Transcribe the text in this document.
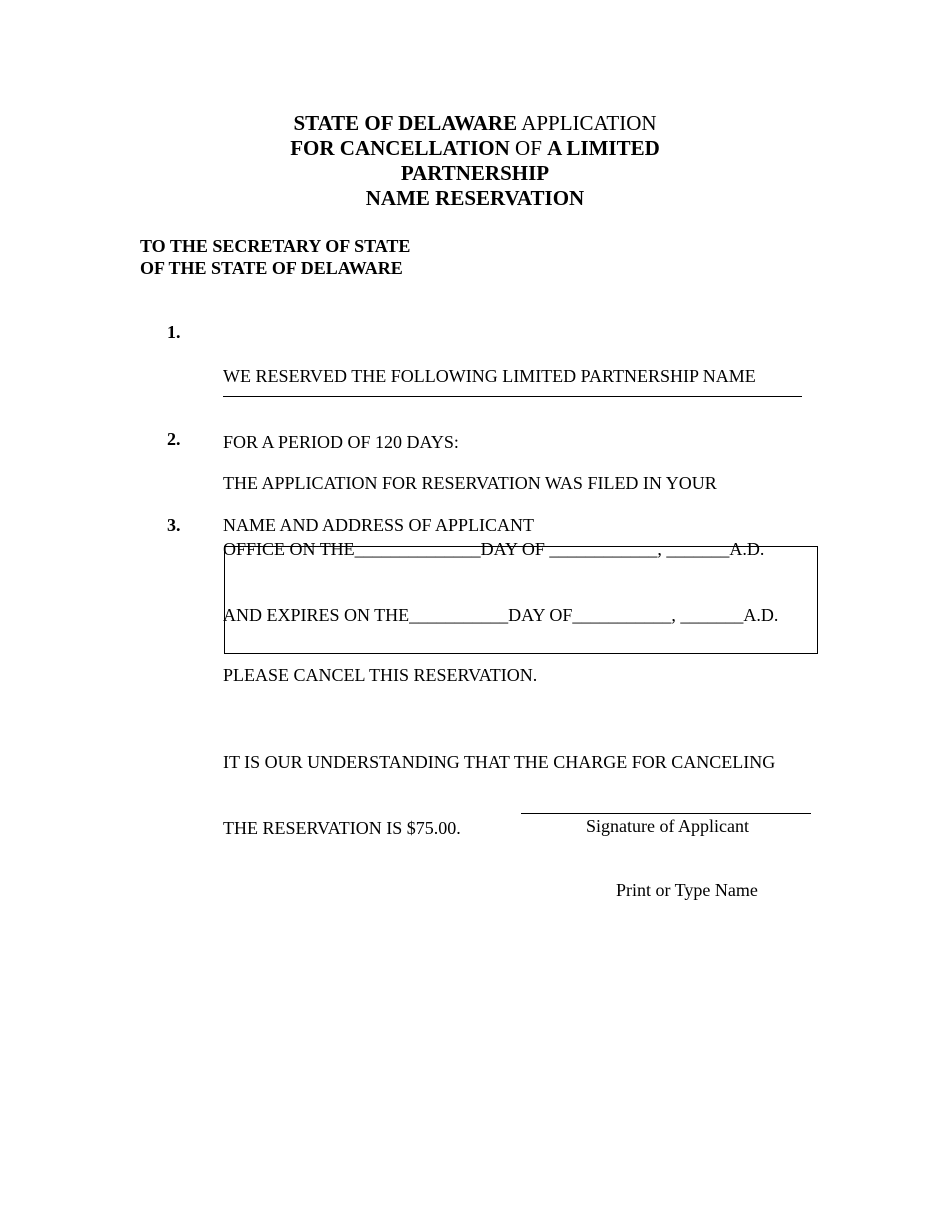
STATE OF DELAWARE APPLICATION
FOR CANCELLATION OF A LIMITED
PARTNERSHIP
NAME RESERVATION
TO THE SECRETARY OF STATE
OF THE STATE OF DELAWARE
1.

WE RESERVED THE FOLLOWING LIMITED PARTNERSHIP NAME

FOR A PERIOD OF 120 DAYS:

2.

THE APPLICATION FOR RESERVATION WAS FILED IN YOUR

OFFICE ON THE______________DAY OF ____________, _______A.D.

AND EXPIRES ON THE___________DAY OF___________, _______A.D.

3. NAME AND ADDRESS OF APPLICANT
PLEASE CANCEL THIS RESERVATION.

IT IS OUR UNDERSTANDING THAT THE CHARGE FOR CANCELING

THE RESERVATION IS $75.00.

	Signature of Applicant
Print or Type Name
